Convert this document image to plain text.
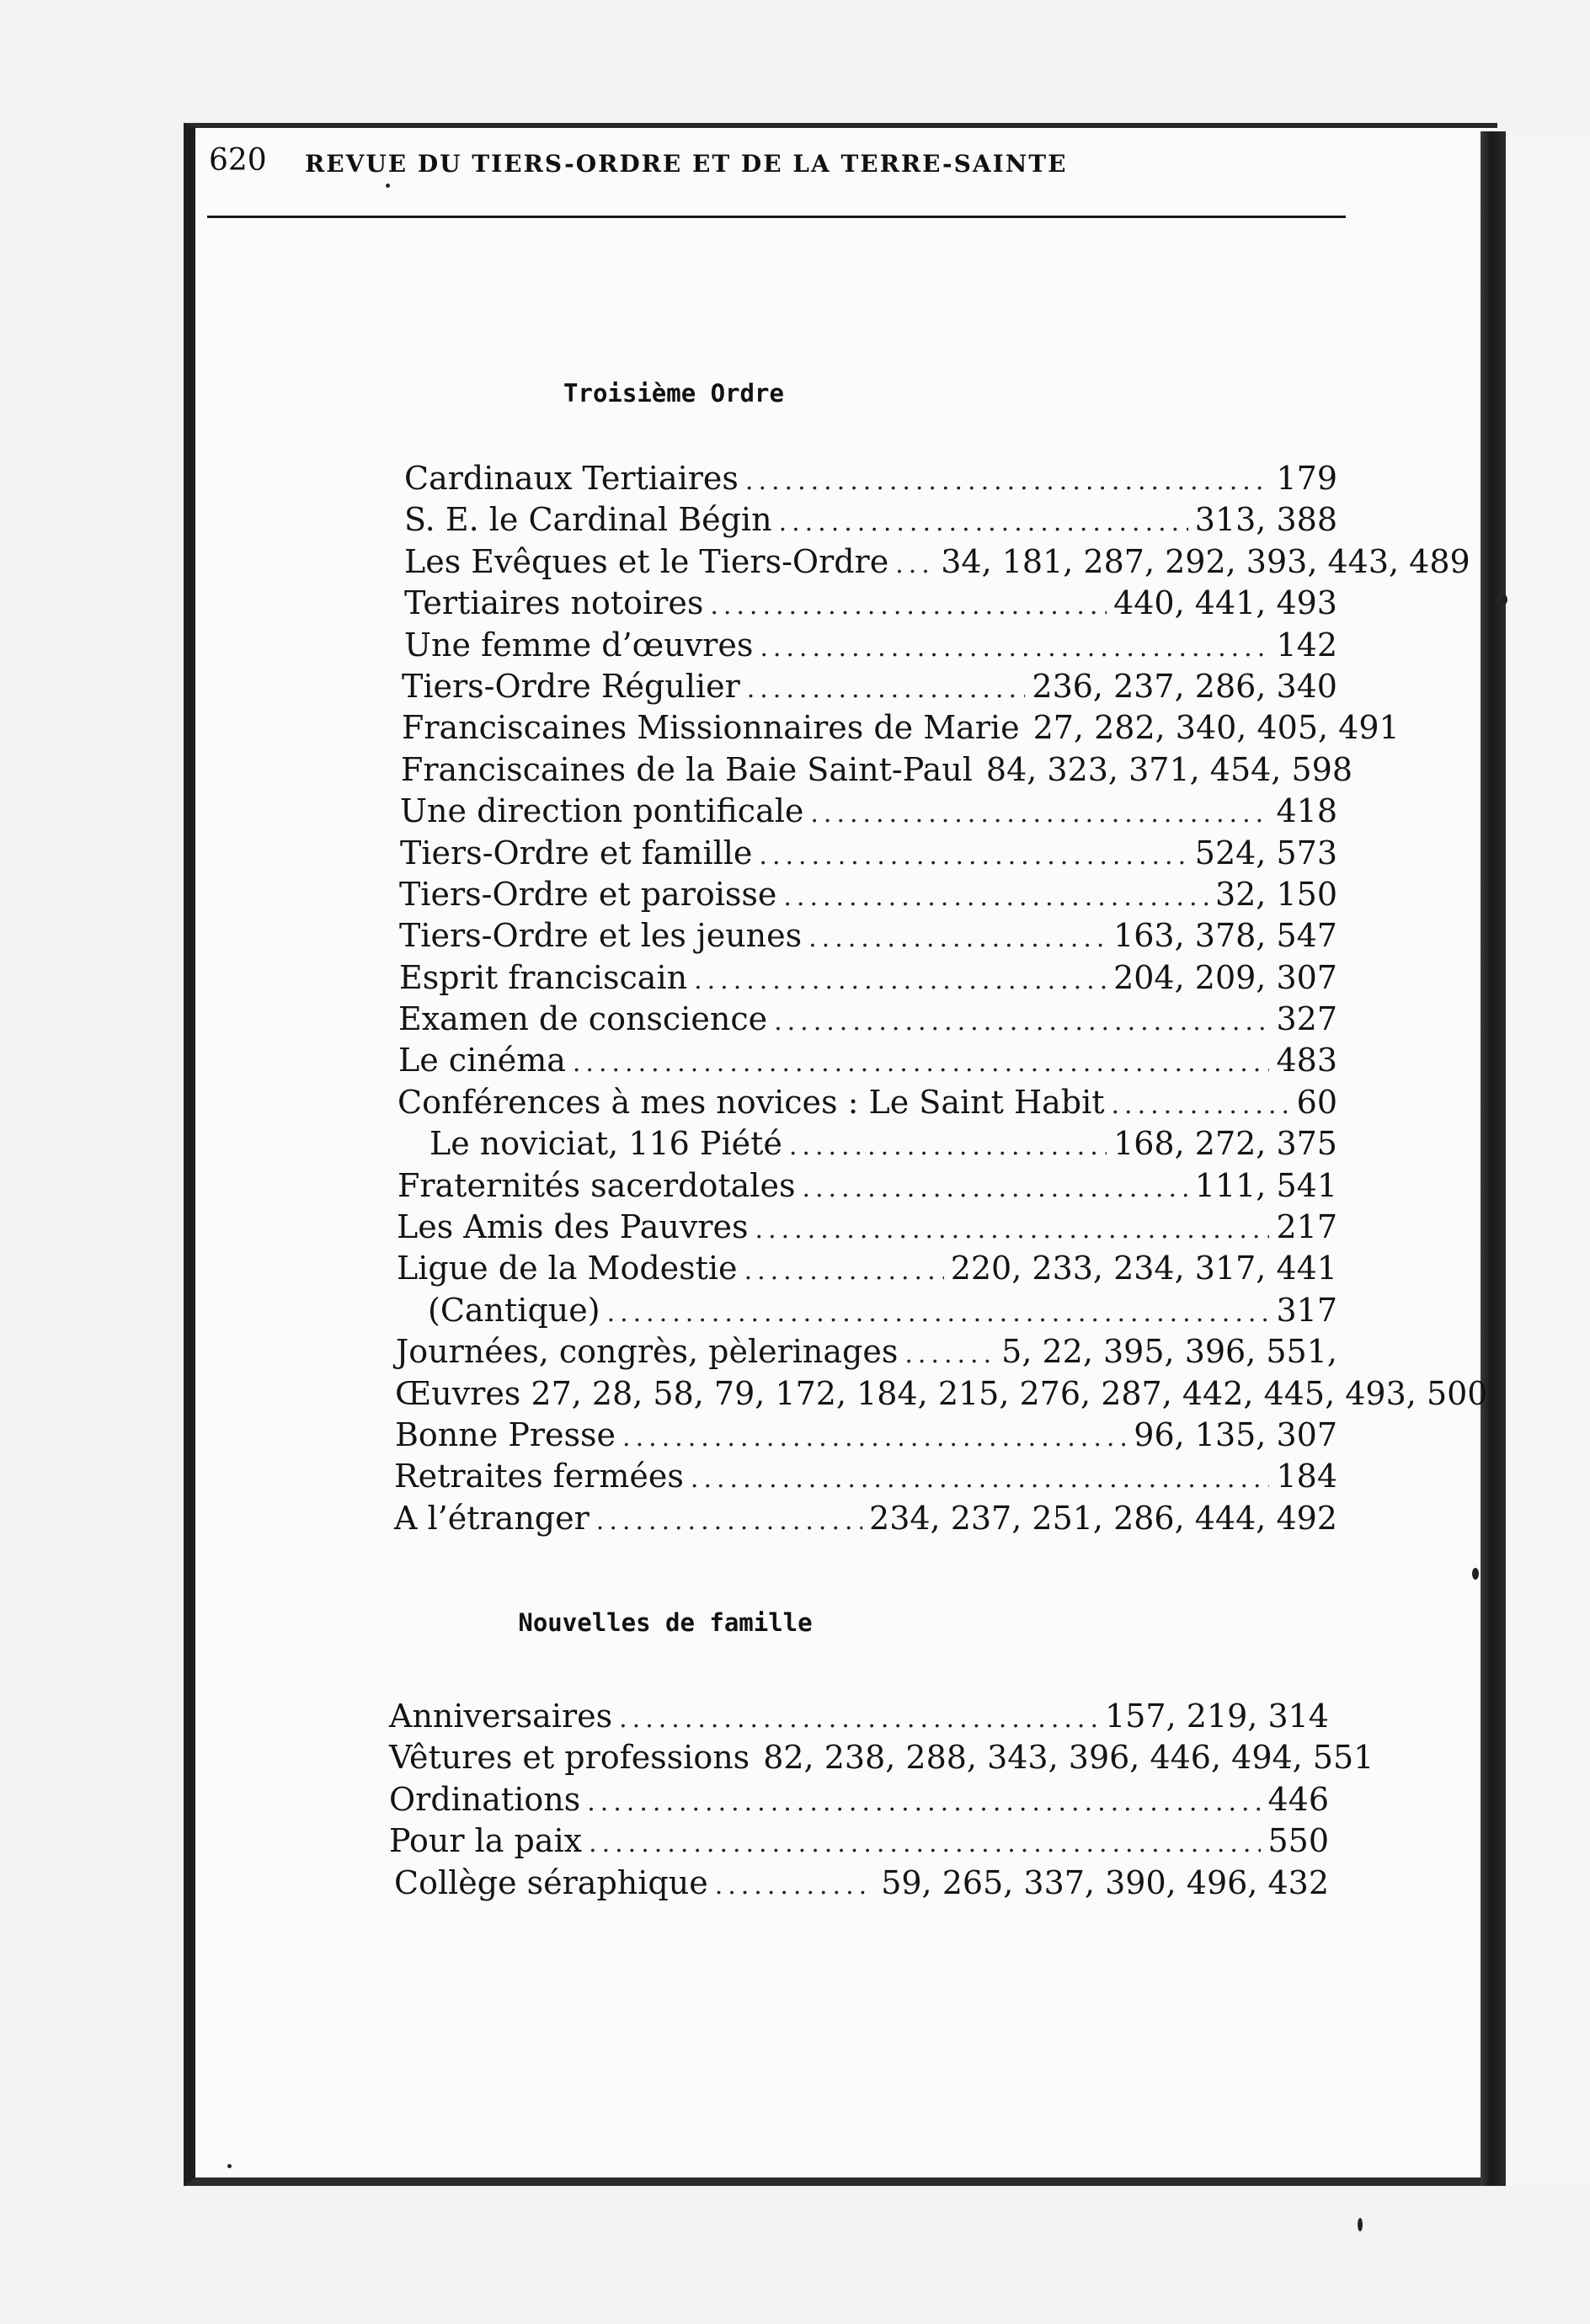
620 REVUE DU TIERS-ORDRE ET DE LA TERRE-SAINTE
Troisième Ordre
Cardinaux Tertiaires .....	179
S. E. le Cardinal Bégin .....	313, 388
Les Evêques et le Tiers-Ordre ..... 34, 181, 287, 292, 393, 443, 489
Tertiaires notoires .....	440, 441, 493
Une femme d’œuvres .....	142
Tiers-Ordre Régulier .....	236, 237, 286, 340
Franciscaines Missionnaires de Marie 27, 282, 340, 405, 491
Franciscaines de la Baie Saint-Paul 84, 323, 371, 454, 598
Une direction pontificale .....	418
Tiers-Ordre et famille .....	524, 573
Tiers-Ordre et paroisse .....	32, 150
Tiers-Ordre et les jeunes .....	163, 378, 547
Esprit franciscain .....	204, 209, 307
Examen de conscience .....	327
Le cinéma .....	483
Conférences à mes novices : Le Saint Habit .....	60
Le noviciat, 116 Piété .....	168, 272, 375
Fraternités sacerdotales .....	111, 541
Les Amis des Pauvres .....	217
Ligue de la Modestie .....	220, 233, 234, 317, 441
(Cantique) .....	317
Journées, congrès, pèlerinages .....	5, 22, 395, 396, 551,
Œuvres 27, 28, 58, 79, 172, 184, 215, 276, 287, 442, 445, 493, 500
Bonne Presse .....	96, 135, 307
Retraites fermées .....	184
A l’étranger .....	234, 237, 251, 286, 444, 492
Nouvelles de famille
Anniversaires .....	157, 219, 314
Vêtures et professions 82, 238, 288, 343, 396, 446, 494, 551
Ordinations .....	446
Pour la paix .....	550
Collège séraphique .....	59, 265, 337, 390, 496, 432
